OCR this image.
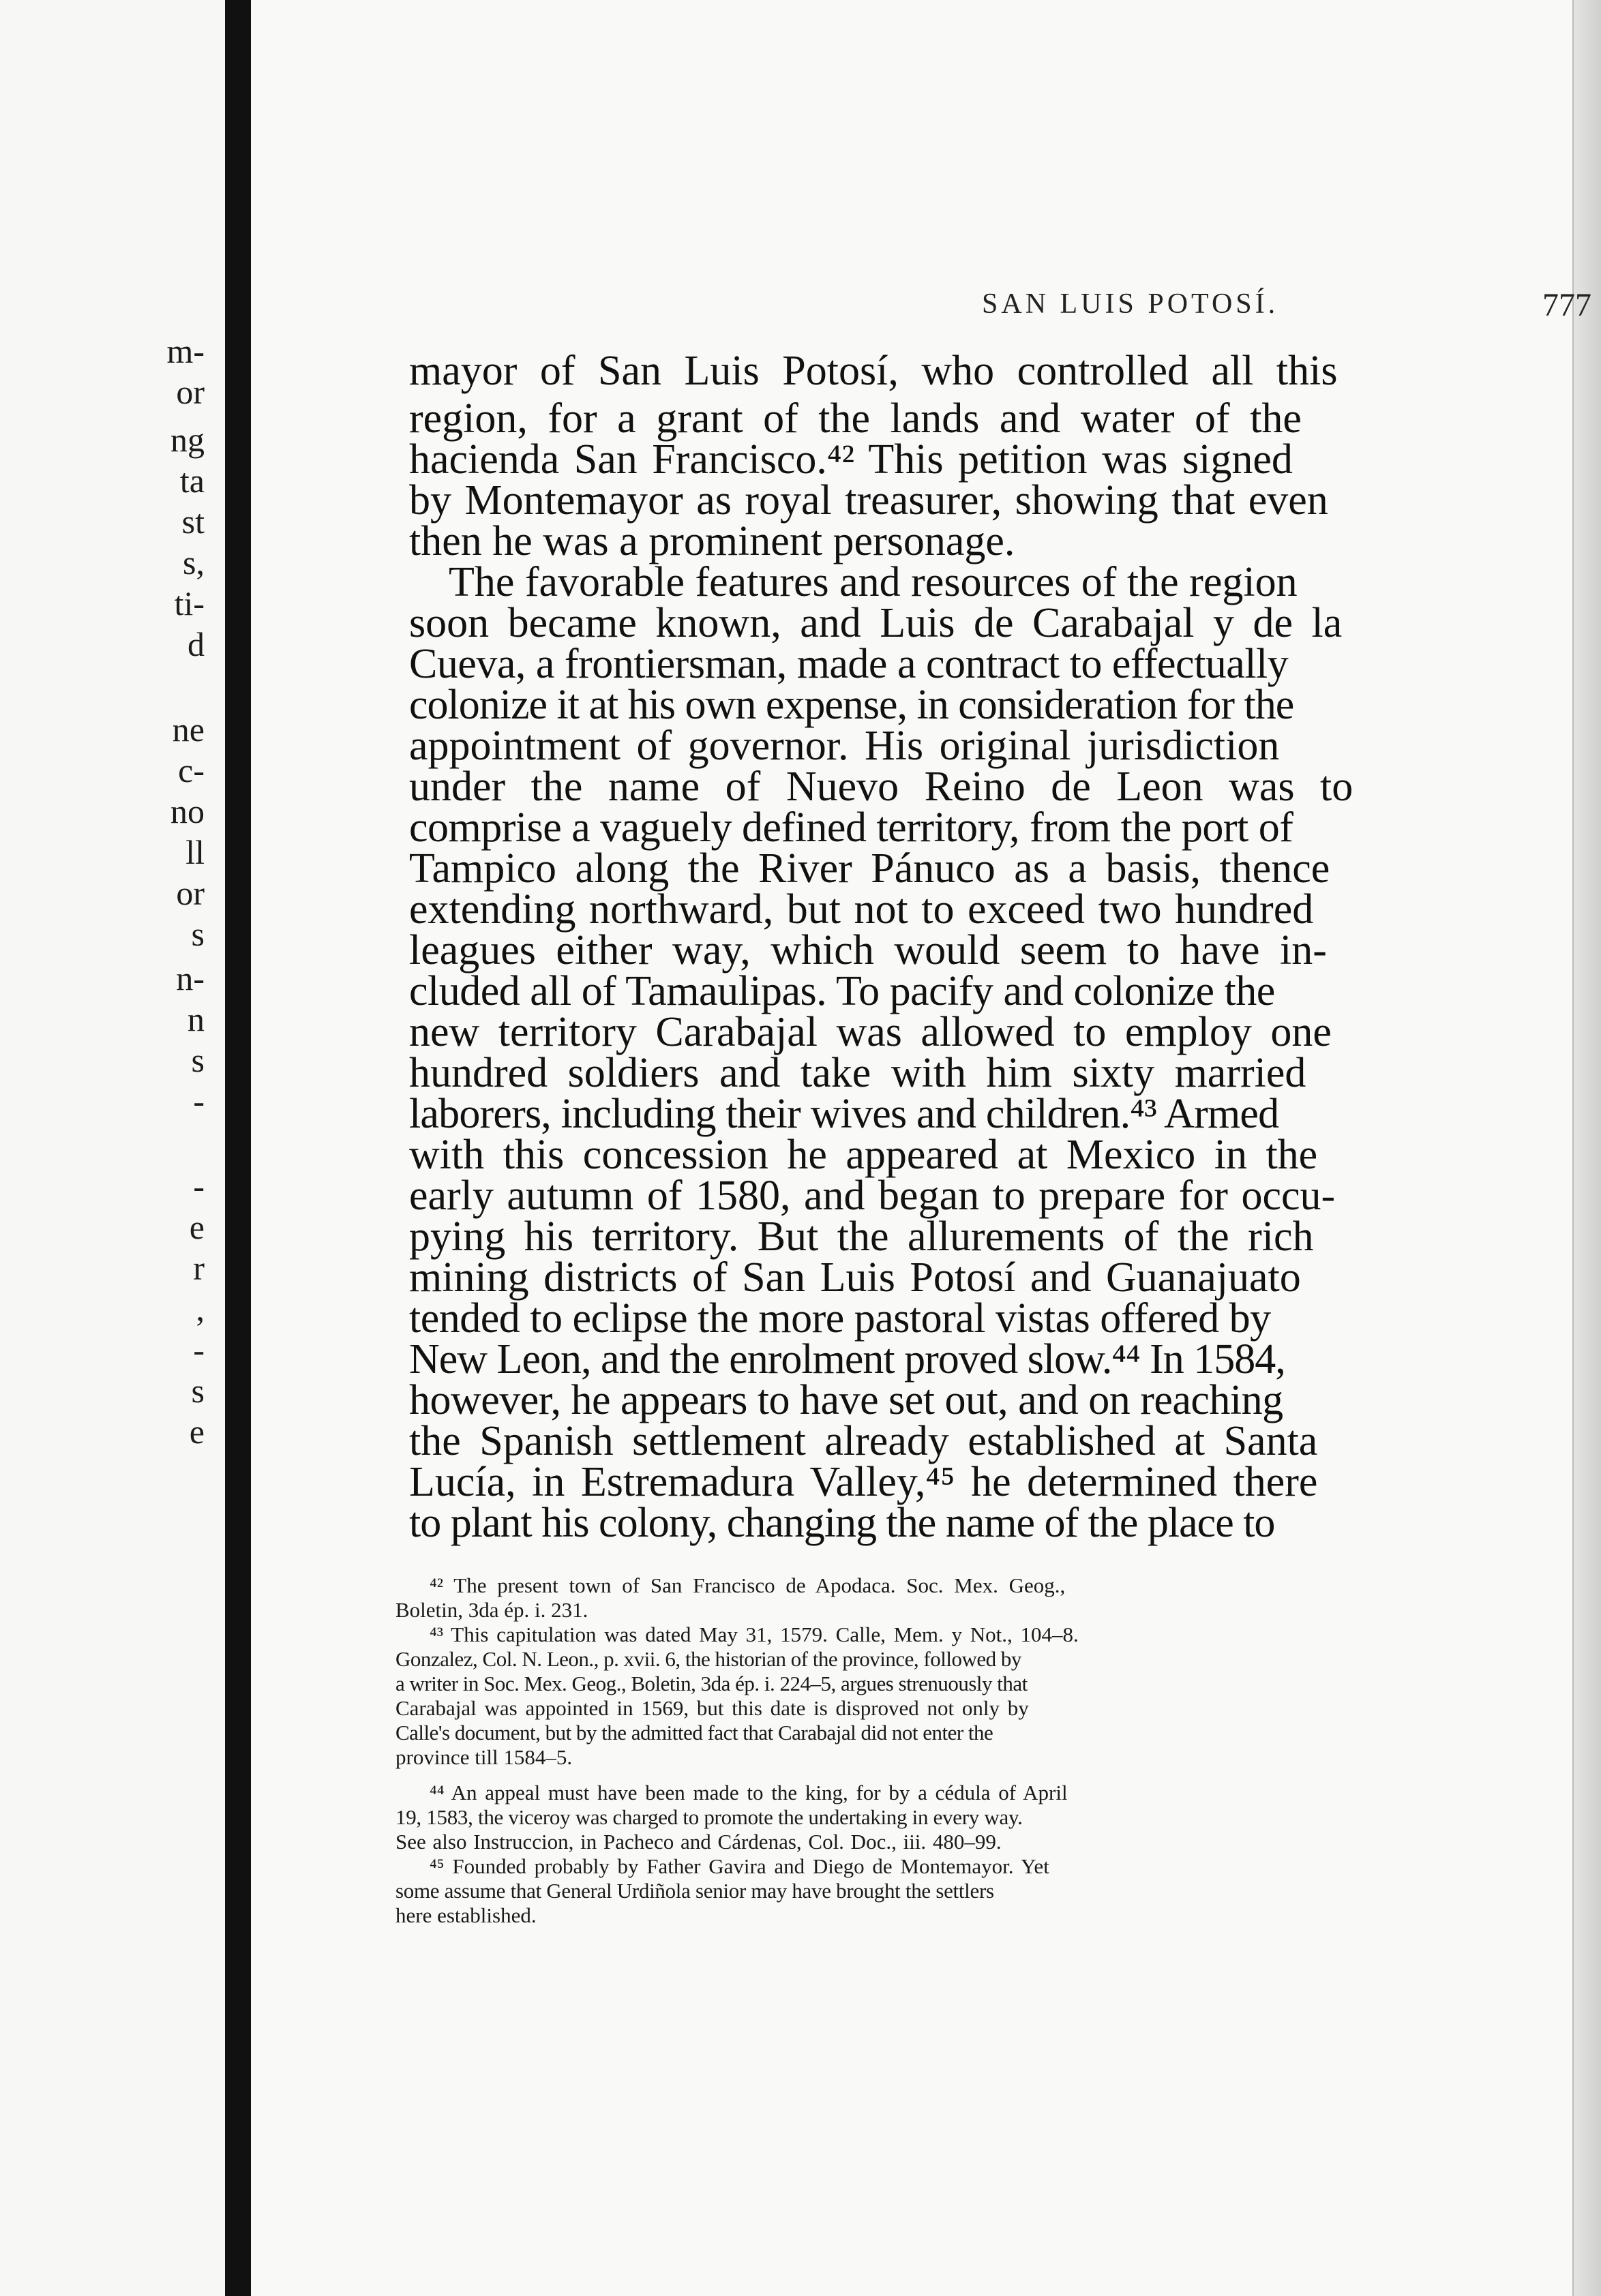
m-
or
ng
ta
st
s,
ti-
d
ne
c-
no
ll
or
s
n-
n
s
-
-
e
r
,
-
s
e
SAN LUIS POTOSÍ.	777
mayor of San Luis Potosí, who controlled all this
region, for a grant of the lands and water of the
hacienda San Francisco.⁴² This petition was signed
by Montemayor as royal treasurer, showing that even
then he was a prominent personage.
The favorable features and resources of the region
soon became known, and Luis de Carabajal y de la
Cueva, a frontiersman, made a contract to effectually
colonize it at his own expense, in consideration for the
appointment of governor. His original jurisdiction
under the name of Nuevo Reino de Leon was to
comprise a vaguely defined territory, from the port of
Tampico along the River Pánuco as a basis, thence
extending northward, but not to exceed two hundred
leagues either way, which would seem to have in-
cluded all of Tamaulipas. To pacify and colonize the
new territory Carabajal was allowed to employ one
hundred soldiers and take with him sixty married
laborers, including their wives and children.⁴³ Armed
with this concession he appeared at Mexico in the
early autumn of 1580, and began to prepare for occu-
pying his territory. But the allurements of the rich
mining districts of San Luis Potosí and Guanajuato
tended to eclipse the more pastoral vistas offered by
New Leon, and the enrolment proved slow.⁴⁴ In 1584,
however, he appears to have set out, and on reaching
the Spanish settlement already established at Santa
Lucía, in Estremadura Valley,⁴⁵ he determined there
to plant his colony, changing the name of the place to
⁴² The present town of San Francisco de Apodaca. Soc. Mex. Geog.,
Boletin, 3da ép. i. 231.
⁴³ This capitulation was dated May 31, 1579. Calle, Mem. y Not., 104–8.
Gonzalez, Col. N. Leon., p. xvii. 6, the historian of the province, followed by
a writer in Soc. Mex. Geog., Boletin, 3da ép. i. 224–5, argues strenuously that
Carabajal was appointed in 1569, but this date is disproved not only by
Calle's document, but by the admitted fact that Carabajal did not enter the
province till 1584–5.
⁴⁴ An appeal must have been made to the king, for by a cédula of April
19, 1583, the viceroy was charged to promote the undertaking in every way.
See also Instruccion, in Pacheco and Cárdenas, Col. Doc., iii. 480–99.
⁴⁵ Founded probably by Father Gavira and Diego de Montemayor. Yet
some assume that General Urdiñola senior may have brought the settlers
here established.
